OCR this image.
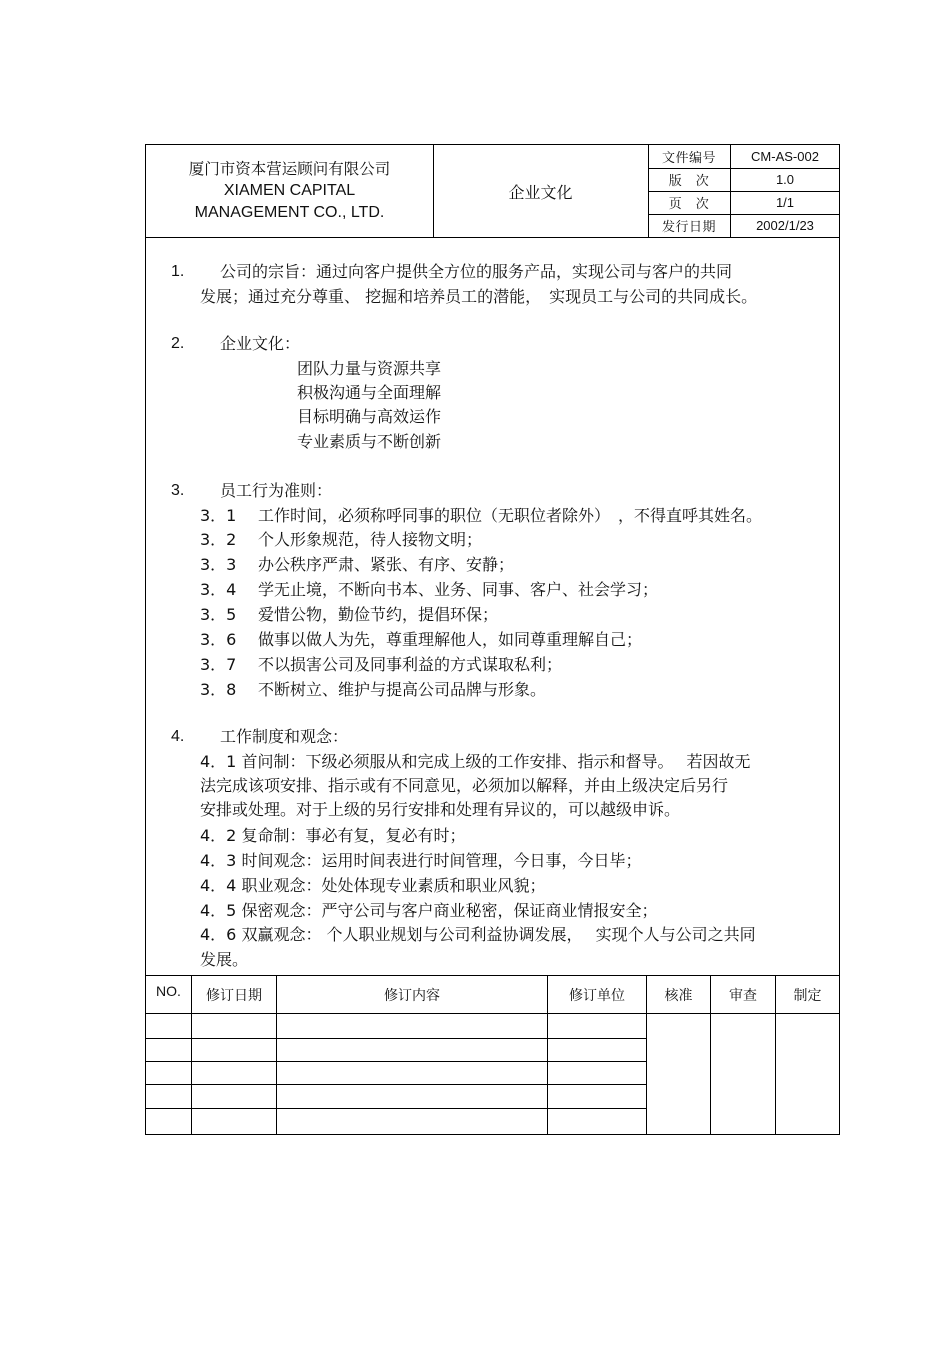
厦门市资本营运顾问有限公司
XIAMEN CAPITAL
MANAGEMENT CO., LTD.
企业文化
文件编号	CM-AS-002
版　次	1.0
页　次	1/1
发行日期	2002/1/23
1. 公司的宗旨：通过向客户提供全方位的服务产品，实现公司与客户的共同
发展；通过充分尊重、 挖掘和培养员工的潜能，　实现员工与公司的共同成长。
2. 企业文化：
团队力量与资源共享
积极沟通与全面理解
目标明确与高效运作
专业素质与不断创新
3. 员工行为准则：
3．1 工作时间，必须称呼同事的职位（无职位者除外）　，不得直呼其姓名。
3．2 个人形象规范，待人接物文明；
3．3 办公秩序严肃、紧张、有序、安静；
3．4 学无止境，不断向书本、业务、同事、客户、社会学习；
3．5 爱惜公物，勤俭节约，提倡环保；
3．6 做事以做人为先，尊重理解他人，如同尊重理解自己；
3．7 不以损害公司及同事利益的方式谋取私利；
3．8 不断树立、维护与提高公司品牌与形象。
4. 工作制度和观念：
4．1 首问制：下级必须服从和完成上级的工作安排、指示和督导。　 若因故无
法完成该项安排、指示或有不同意见，必须加以解释，并由上级决定后另行
安排或处理。对于上级的另行安排和处理有异议的，可以越级申诉。
4．2 复命制：事必有复，复必有时；
4．3 时间观念：运用时间表进行时间管理，今日事，今日毕；
4．4 职业观念：处处体现专业素质和职业风貌；
4．5 保密观念：严守公司与客户商业秘密，保证商业情报安全；
4．6 双赢观念： 个人职业规划与公司利益协调发展，　 实现个人与公司之共同
发展。
NO.	修订日期	修订内容	修订单位	核准	审查	制定
